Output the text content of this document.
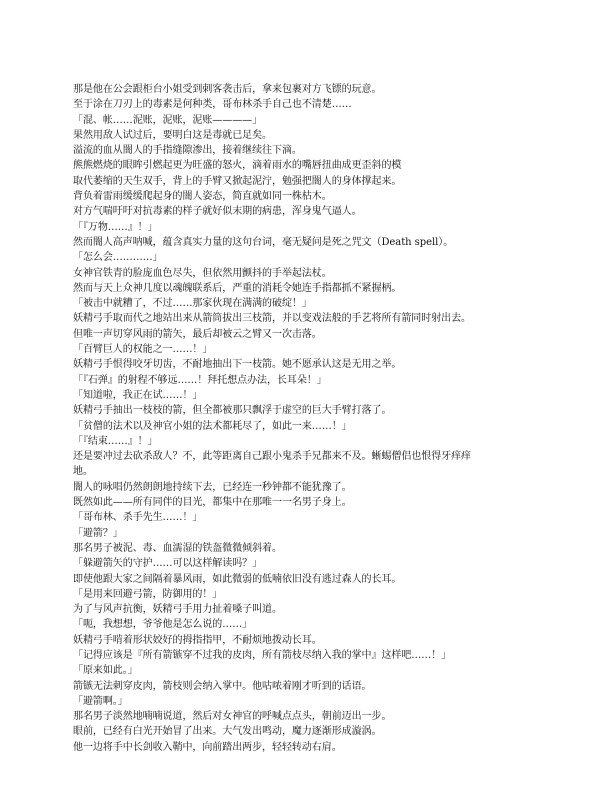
那是他在公会跟柜台小姐受到刺客袭击后，拿来包裹对方飞镖的玩意。
至于涂在刀刃上的毒素是何种类，哥布林杀手自己也不清楚……
「混、帐……泥账，泥账，泥账————」
果然用敌人试过后，要明白这是毒就已足矣。
溢流的血从闇人的手指缝隙渗出，接着继续往下滴。
熊熊燃烧的眼眸引燃起更为旺盛的怒火，滴着雨水的嘴唇扭曲成更歪斜的模
取代萎缩的天生双手，背上的手臂又掀起泥泞，勉强把闇人的身体撑起来。
背负着雷雨缓缓爬起身的闇人姿态，简直就如同一株枯木。
对方气喘吁吁对抗毒素的样子就好似末期的病患，浑身鬼气逼人。
「『万物……』！」
然而闇人高声呐喊，蕴含真实力量的这句台词，毫无疑问是死之咒文（Death spell）。
「怎么会…………」
女神官铁青的脸庞血色尽失，但依然用颤抖的手举起法杖。
然而与天上众神几度以魂魄联系后，严重的消耗令她连手指都抓不紧握柄。
「被击中就糟了，不过……那家伙现在满满的破绽！」
妖精弓手取而代之地站出来从箭筒拔出三枝箭，并以变戏法般的手艺将所有箭同时射出去。
但唯一声切穿风雨的箭矢，最后却被云之臂又一次击落。
「百臂巨人的权能之一……！」
妖精弓手恨得咬牙切齿，不耐地抽出下一枝箭。她不愿承认这是无用之举。
「『石弹』的射程不够远……！拜托想点办法，长耳朵！」
「知道啦，我正在试……！」
妖精弓手抽出一枝枝的箭，但全都被那只飘浮于虚空的巨大手臂打落了。
「贫僧的法术以及神官小姐的法术都耗尽了，如此一来……！」
「『结束……』！」
还是要冲过去砍杀敌人？不，此等距离自己跟小鬼杀手兄都来不及。蜥蜴僧侣也恨得牙痒痒
地。
闇人的咏唱仍然朗朗地持续下去，已经连一秒钟都不能犹豫了。
既然如此——所有同伴的目光，都集中在那唯一一名男子身上。
「哥布林、杀手先生……！」
「避箭？」
那名男子被泥、毒、血濡湿的铁盔微微倾斜着。
「躲避箭矢的守护……可以这样解读吗？」
即使他跟大家之间隔着暴风雨，如此微弱的低喃依旧没有逃过森人的长耳。
「是用来回避弓箭，防御用的！」
为了与风声抗衡，妖精弓手用力扯着嗓子叫道。
「呃，我想想，爷爷他是怎么说的……」
妖精弓手啃着形状姣好的拇指指甲，不耐烦地拨动长耳。
「记得应该是『所有箭镞穿不过我的皮肉，所有箭枝尽纳入我的掌中』这样吧……！」
「原来如此。」
箭镞无法刺穿皮肉，箭枝则会纳入掌中。他咕哝着刚才听到的话语。
「避箭啊。」
那名男子淡然地喃喃说道，然后对女神官的呼喊点点头，朝前迈出一步。
眼前，已经有白光开始冒了出来。大气发出鸣动，魔力逐渐形成漩涡。
他一边将手中长剑收入鞘中，向前踏出两步，轻轻转动右肩。
